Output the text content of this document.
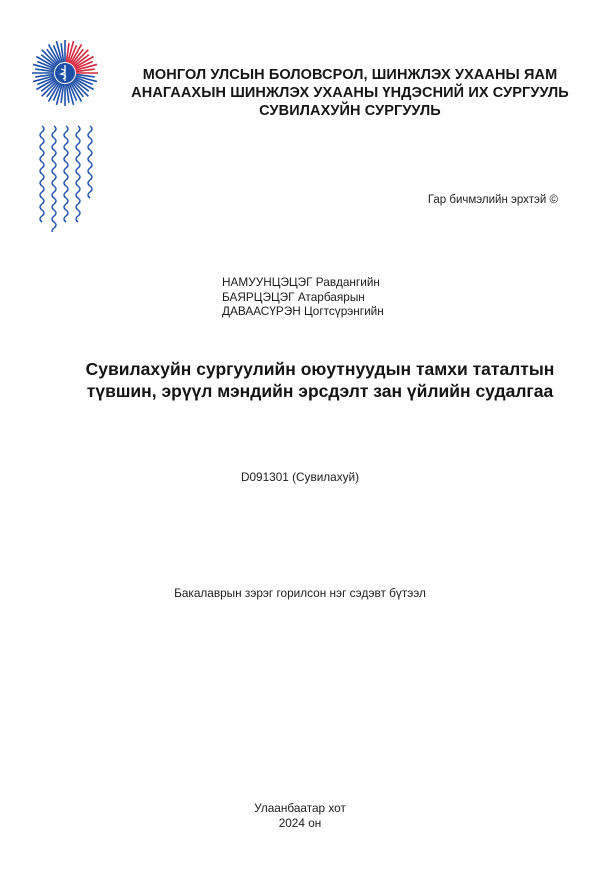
МОНГОЛ УЛСЫН БОЛОВСРОЛ, ШИНЖЛЭХ УХААНЫ ЯАМ
АНАГААХЫН ШИНЖЛЭХ УХААНЫ ҮНДЭСНИЙ ИХ СУРГУУЛЬ
СУВИЛАХУЙН СУРГУУЛЬ
Гар бичмэлийн эрхтэй ©
НАМУУНЦЭЦЭГ Равдангийн
БАЯРЦЭЦЭГ Атарбаярын
ДАВААСҮРЭН Цогтсүрэнгийн
Сувилахуйн сургуулийн оюутнуудын тамхи таталтын
түвшин, эрүүл мэндийн эрсдэлт зан үйлийн судалгаа
D091301 (Сувилахуй)
Бакалаврын зэрэг горилсон нэг сэдэвт бүтээл
Улаанбаатар хот
2024 он
